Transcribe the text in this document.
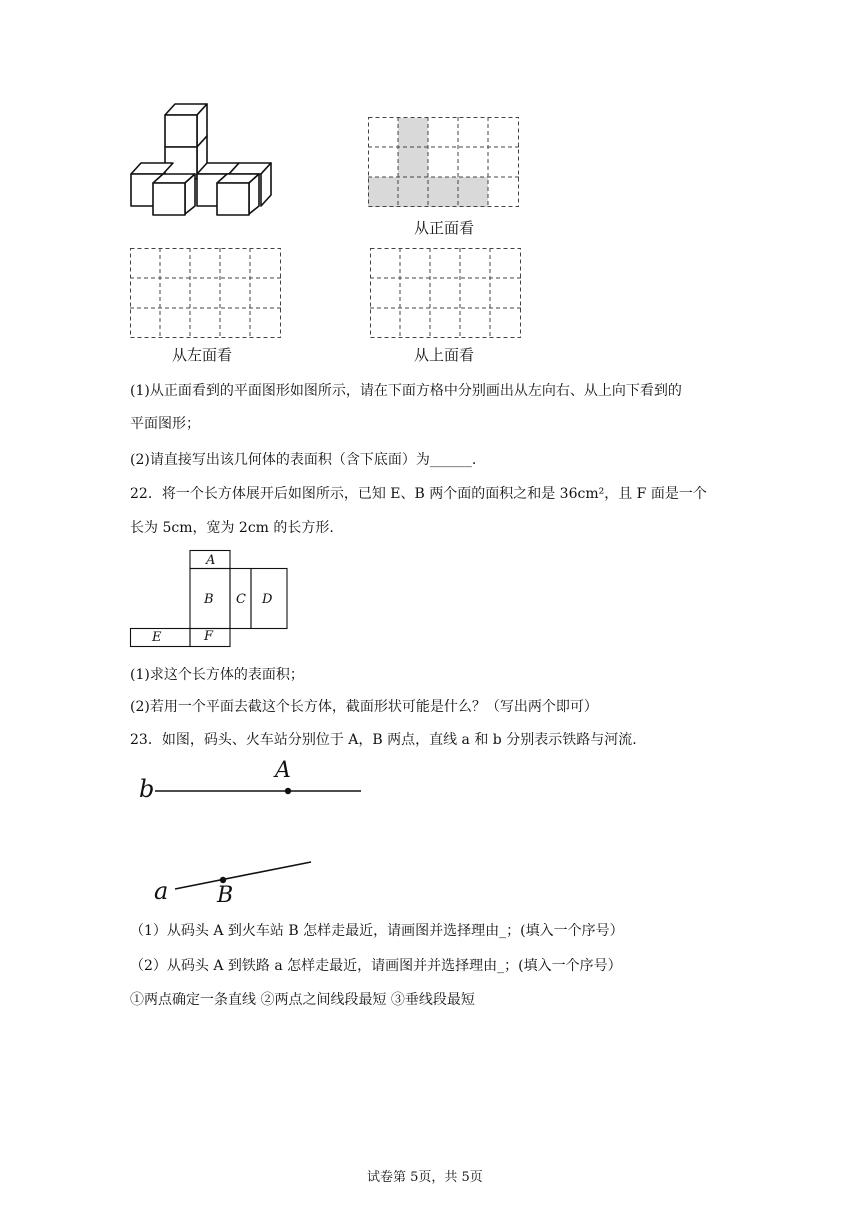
从正面看
从左面看	从上面看
(1)从正面看到的平面图形如图所示，请在下面方格中分别画出从左向右、从上向下看到的
平面图形；
(2)请直接写出该几何体的表面积（含下底面）为______.
22．将一个长方体展开后如图所示，已知 E、B 两个面的面积之和是 36cm²，且 F 面是一个
长为 5cm，宽为 2cm 的长方形.
A
B C D
E	F
(1)求这个长方体的表面积；
(2)若用一个平面去截这个长方体，截面形状可能是什么？（写出两个即可）
23．如图，码头、火车站分别位于 A，B 两点，直线 a 和 b 分别表示铁路与河流.
b
A
a B
（1）从码头 A 到火车站 B 怎样走最近，请画图并选择理由_；(填入一个序号）
（2）从码头 A 到铁路 a 怎样走最近，请画图并并选择理由_；(填入一个序号）
①两点确定一条直线 ②两点之间线段最短 ③垂线段最短
试卷第 5页，共 5页
